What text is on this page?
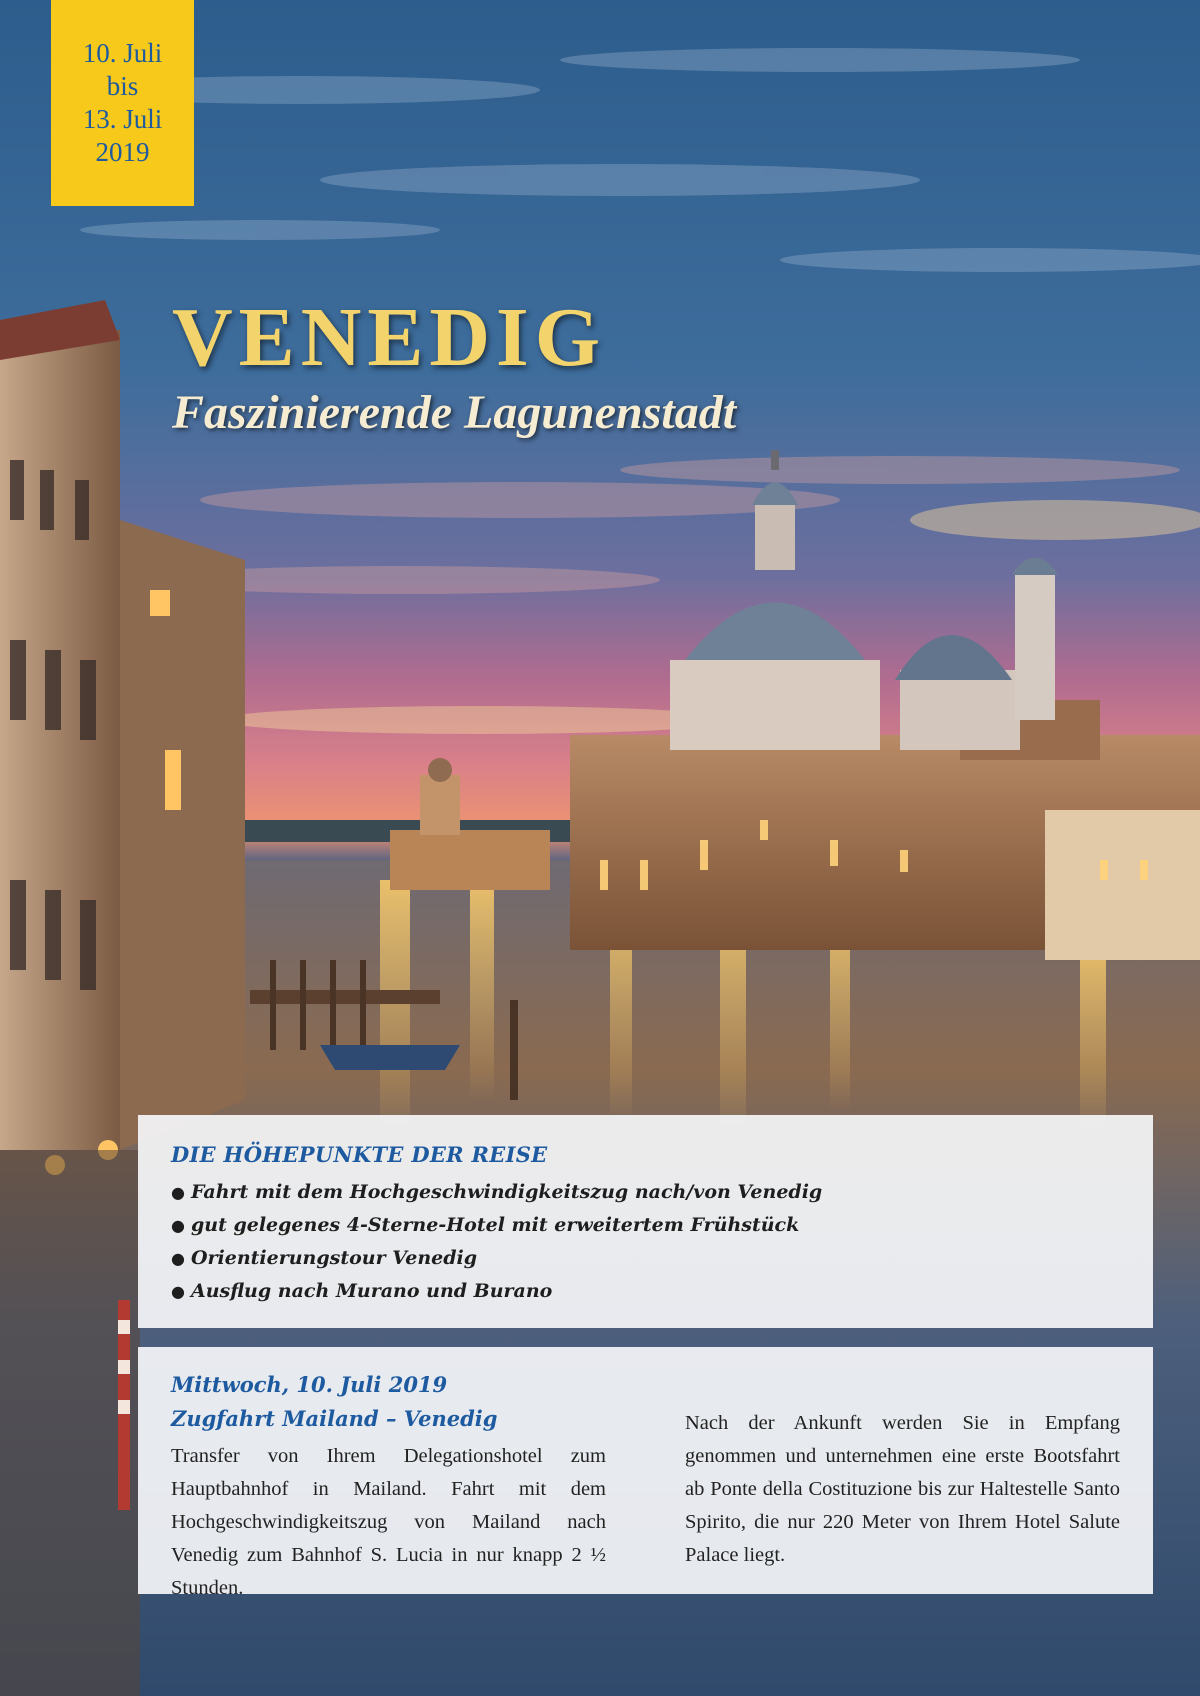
10. Juli
bis
13. Juli
2019
VENEDIG
Faszinierende Lagunenstadt
DIE HÖHEPUNKTE DER REISE
● Fahrt mit dem Hochgeschwindigkeitszug nach/von Venedig
● gut gelegenes 4-Sterne-Hotel mit erweitertem Frühstück
● Orientierungstour Venedig
● Ausflug nach Murano und Burano
Mittwoch, 10. Juli 2019
Zugfahrt Mailand – Venedig

Transfer von Ihrem Delegationshotel zum Hauptbahnhof in Mailand. Fahrt mit dem Hochgeschwindigkeitszug von Mailand nach Venedig zum Bahnhof S. Lucia in nur knapp 2 ½ Stunden.

Nach der Ankunft werden Sie in Empfang genommen und unternehmen eine erste Bootsfahrt ab Ponte della Costituzione bis zur Haltestelle Santo Spirito, die nur 220 Meter von Ihrem Hotel Salute Palace liegt.
